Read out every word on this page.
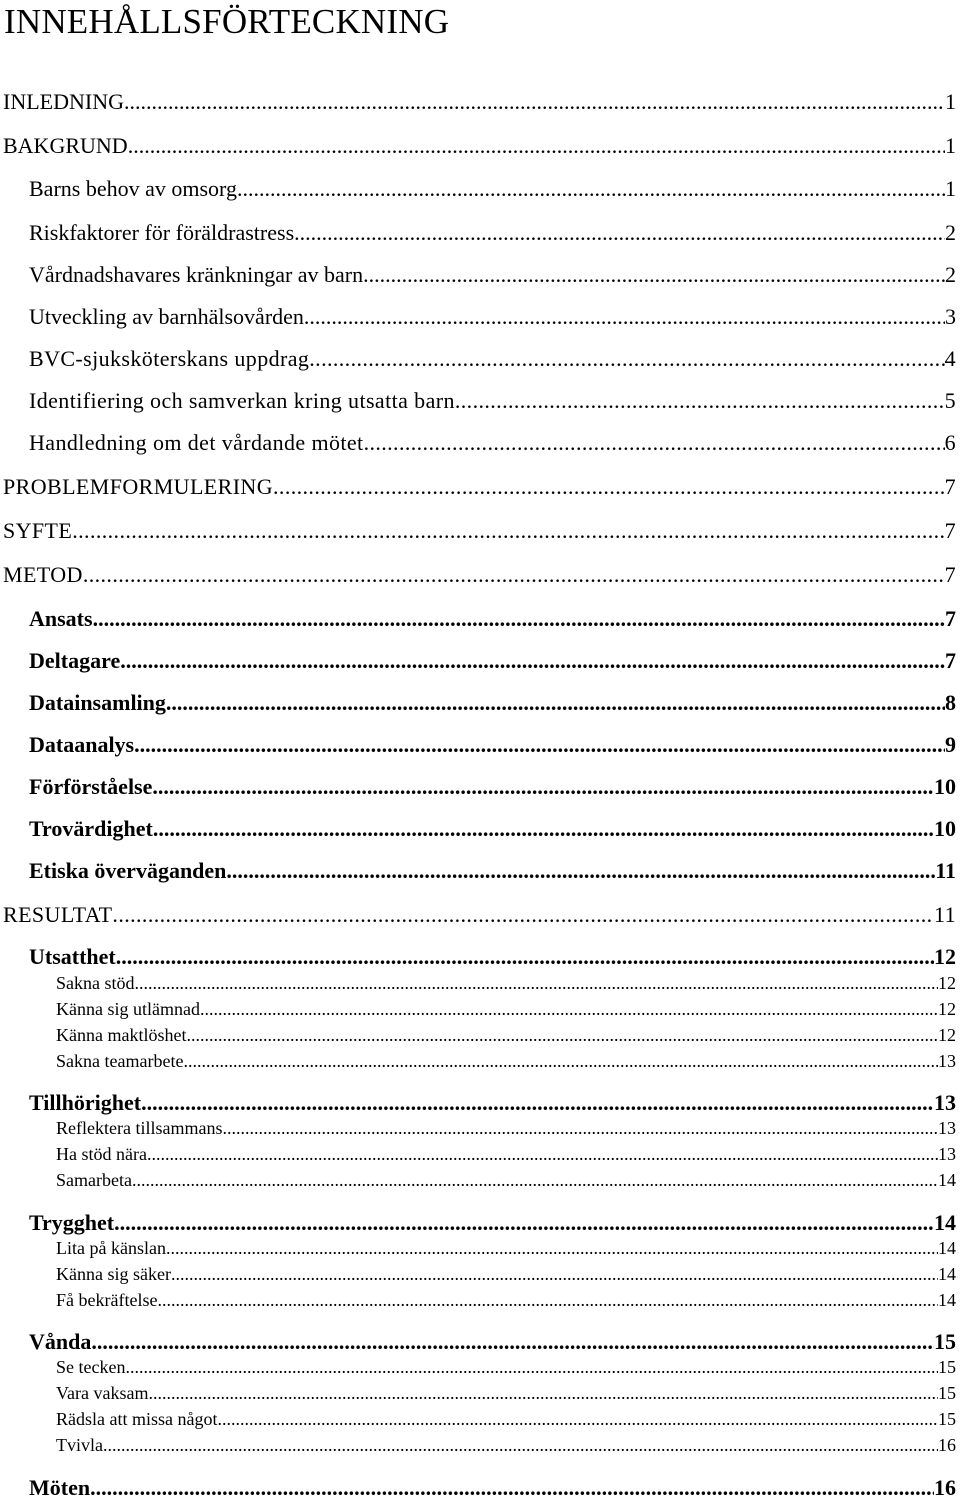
INNEHÅLLSFÖRTECKNING
INLEDNING .....	1
BAKGRUND .....	1
Barns behov av omsorg .....	1
Riskfaktorer för föräldrastress .....	2
Vårdnadshavares kränkningar av barn .....	2
Utveckling av barnhälsovården .....	3
BVC-sjuksköterskans uppdrag .....	4
Identifiering och samverkan kring utsatta barn .....	5
Handledning om det vårdande mötet .....	6
PROBLEMFORMULERING .....	7
SYFTE .....	7
METOD .....	7
Ansats .....	7
Deltagare .....	7
Datainsamling .....	8
Dataanalys .....	9
Förförståelse .....	10
Trovärdighet .....	10
Etiska överväganden .....	11
RESULTAT .....	11
Utsatthet .....	12
Sakna stöd .....	12
Känna sig utlämnad .....	12
Känna maktlöshet .....	12
Sakna teamarbete .....	13
Tillhörighet .....	13
Reflektera tillsammans .....	13
Ha stöd nära .....	13
Samarbeta .....	14
Trygghet .....	14
Lita på känslan .....	14
Känna sig säker .....	14
Få bekräftelse .....	14
Vånda .....	15
Se tecken .....	15
Vara vaksam .....	15
Rädsla att missa något .....	15
Tvivla .....	16
Möten .....	16
